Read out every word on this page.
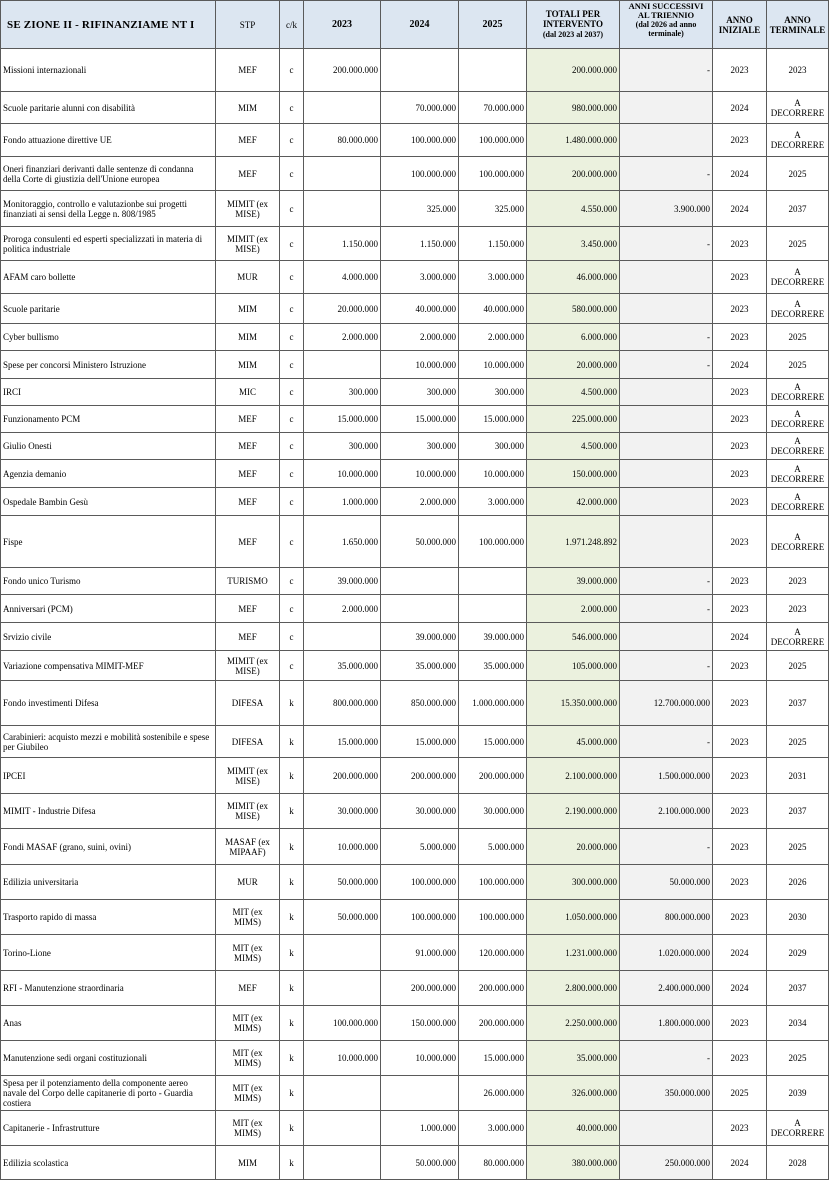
SE ZIONE II - RIFINANZIAME NT I	STP	c/k	2023	2024	2025	TOTALI PER
INTERVENTO
(dal 2023 al 2037)	ANNI SUCCESSIVI
AL TRIENNIO
(dal 2026 ad anno terminale)	ANNO
INIZIALE	ANNO
TERMINALE
Missioni internazionali	MEF	c	200.000.000			200.000.000	-	2023	2023
Scuole paritarie alunni con disabilità	MIM	c		70.000.000	70.000.000	980.000.000		2024	A DECORRERE
Fondo attuazione direttive UE	MEF	c	80.000.000	100.000.000	100.000.000	1.480.000.000		2023	A DECORRERE
Oneri finanziari derivanti dalle sentenze di condanna della Corte di giustizia dell'Unione europea	MEF	c		100.000.000	100.000.000	200.000.000	-	2024	2025
Monitoraggio, controllo e valutazionbe sui progetti finanziati ai sensi della Legge n. 808/1985	MIMIT (ex MISE)	c		325.000	325.000	4.550.000	3.900.000	2024	2037
Proroga consulenti ed esperti specializzati in materia di politica industriale	MIMIT (ex MISE)	c	1.150.000	1.150.000	1.150.000	3.450.000	-	2023	2025
AFAM caro bollette	MUR	c	4.000.000	3.000.000	3.000.000	46.000.000		2023	A DECORRERE
Scuole paritarie	MIM	c	20.000.000	40.000.000	40.000.000	580.000.000		2023	A DECORRERE
Cyber bullismo	MIM	c	2.000.000	2.000.000	2.000.000	6.000.000	-	2023	2025
Spese per concorsi Ministero Istruzione	MIM	c		10.000.000	10.000.000	20.000.000	-	2024	2025
IRCI	MIC	c	300.000	300.000	300.000	4.500.000		2023	A DECORRERE
Funzionamento PCM	MEF	c	15.000.000	15.000.000	15.000.000	225.000.000		2023	A DECORRERE
Giulio Onesti	MEF	c	300.000	300.000	300.000	4.500.000		2023	A DECORRERE
Agenzia demanio	MEF	c	10.000.000	10.000.000	10.000.000	150.000.000		2023	A DECORRERE
Ospedale Bambin Gesù	MEF	c	1.000.000	2.000.000	3.000.000	42.000.000		2023	A DECORRERE
Fispe	MEF	c	1.650.000	50.000.000	100.000.000	1.971.248.892		2023	A DECORRERE
Fondo unico Turismo	TURISMO	c	39.000.000			39.000.000	-	2023	2023
Anniversari (PCM)	MEF	c	2.000.000			2.000.000	-	2023	2023
Srvizio civile	MEF	c		39.000.000	39.000.000	546.000.000		2024	A DECORRERE
Variazione compensativa MIMIT-MEF	MIMIT (ex MISE)	c	35.000.000	35.000.000	35.000.000	105.000.000	-	2023	2025
Fondo investimenti Difesa	DIFESA	k	800.000.000	850.000.000	1.000.000.000	15.350.000.000	12.700.000.000	2023	2037
Carabinieri: acquisto mezzi e mobilità sostenibile e spese per Giubileo	DIFESA	k	15.000.000	15.000.000	15.000.000	45.000.000	-	2023	2025
IPCEI	MIMIT (ex MISE)	k	200.000.000	200.000.000	200.000.000	2.100.000.000	1.500.000.000	2023	2031
MIMIT - Industrie Difesa	MIMIT (ex MISE)	k	30.000.000	30.000.000	30.000.000	2.190.000.000	2.100.000.000	2023	2037
Fondi MASAF (grano, suini, ovini)	MASAF (ex MIPAAF)	k	10.000.000	5.000.000	5.000.000	20.000.000	-	2023	2025
Edilizia universitaria	MUR	k	50.000.000	100.000.000	100.000.000	300.000.000	50.000.000	2023	2026
Trasporto rapido di massa	MIT (ex MIMS)	k	50.000.000	100.000.000	100.000.000	1.050.000.000	800.000.000	2023	2030
Torino-Lione	MIT (ex MIMS)	k		91.000.000	120.000.000	1.231.000.000	1.020.000.000	2024	2029
RFI - Manutenzione straordinaria	MEF	k		200.000.000	200.000.000	2.800.000.000	2.400.000.000	2024	2037
Anas	MIT (ex MIMS)	k	100.000.000	150.000.000	200.000.000	2.250.000.000	1.800.000.000	2023	2034
Manutenzione sedi organi costituzionali	MIT (ex MIMS)	k	10.000.000	10.000.000	15.000.000	35.000.000	-	2023	2025
Spesa per il potenziamento della componente aereo navale del Corpo delle capitanerie di porto - Guardia costiera	MIT (ex MIMS)	k			26.000.000	326.000.000	350.000.000	2025	2039
Capitanerie - Infrastrutture	MIT (ex MIMS)	k		1.000.000	3.000.000	40.000.000		2023	A DECORRERE
Edilizia scolastica	MIM	k		50.000.000	80.000.000	380.000.000	250.000.000	2024	2028
